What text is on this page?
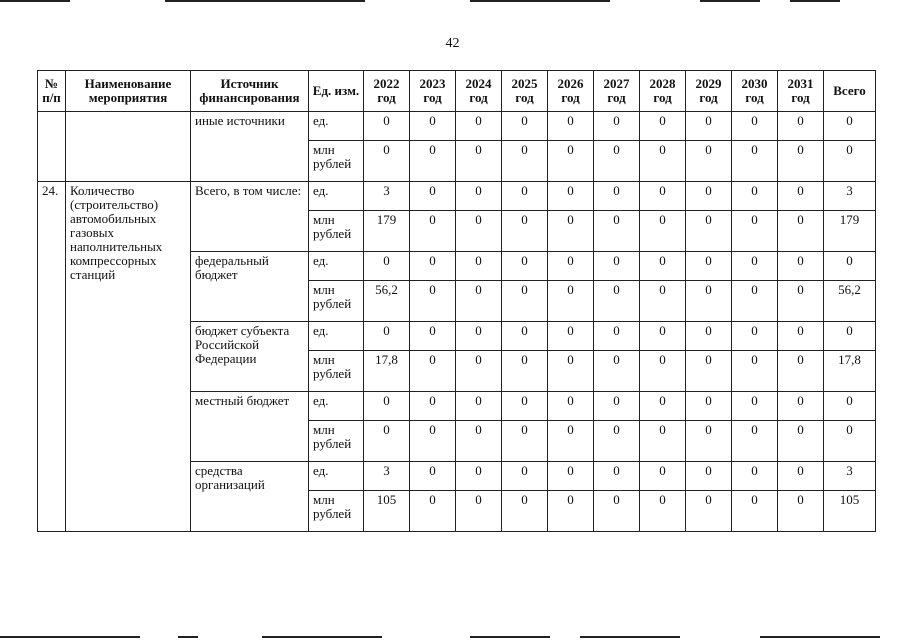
42
№ п/п	Наименование мероприятия	Источник финансирования	Ед. изм.	2022 год	2023 год	2024 год	2025 год	2026 год	2027 год	2028 год	2029 год	2030 год	2031 год	Всего
		иные источники	ед.	0	0	0	0	0	0	0	0	0	0	0
			млн рублей	0	0	0	0	0	0	0	0	0	0	0
24.	Количество (строительство) автомобильных газовых наполнительных компрессорных станций	Всего, в том числе:	ед.	3	0	0	0	0	0	0	0	0	0	3
			млн рублей	179	0	0	0	0	0	0	0	0	0	179
		федеральный бюджет	ед.	0	0	0	0	0	0	0	0	0	0	0
			млн рублей	56,2	0	0	0	0	0	0	0	0	0	56,2
		бюджет субъекта Российской Федерации	ед.	0	0	0	0	0	0	0	0	0	0	0
			млн рублей	17,8	0	0	0	0	0	0	0	0	0	17,8
		местный бюджет	ед.	0	0	0	0	0	0	0	0	0	0	0
			млн рублей	0	0	0	0	0	0	0	0	0	0	0
		средства организаций	ед.	3	0	0	0	0	0	0	0	0	0	3
			млн рублей	105	0	0	0	0	0	0	0	0	0	105
